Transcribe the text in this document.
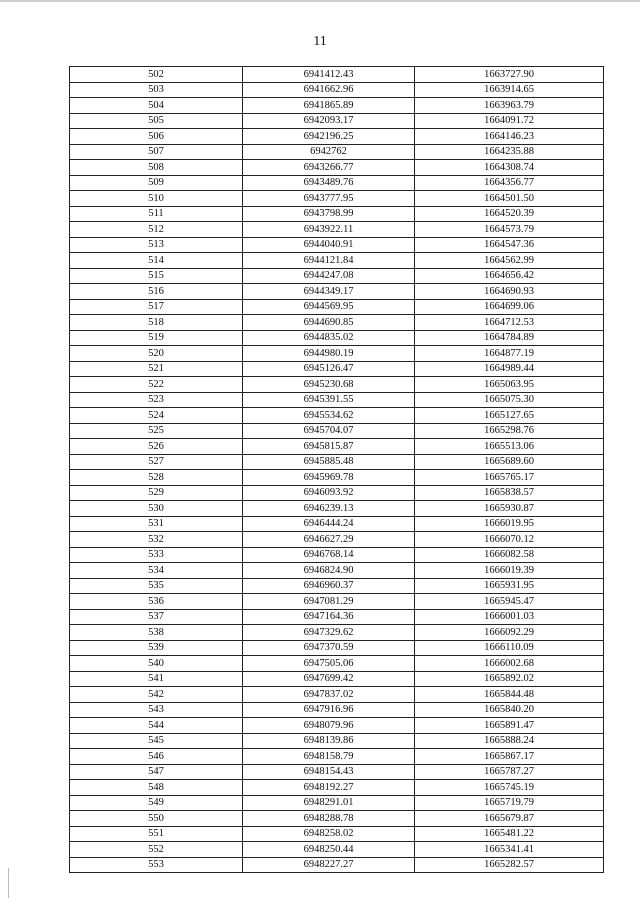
11
502	6941412.43	1663727.90
503	6941662.96	1663914.65
504	6941865.89	1663963.79
505	6942093.17	1664091.72
506	6942196.25	1664146.23
507	6942762	1664235.88
508	6943266.77	1664308.74
509	6943489.76	1664356.77
510	6943777.95	1664501.50
511	6943798.99	1664520.39
512	6943922.11	1664573.79
513	6944040.91	1664547.36
514	6944121.84	1664562.99
515	6944247.08	1664656.42
516	6944349.17	1664690.93
517	6944569.95	1664699.06
518	6944690.85	1664712.53
519	6944835.02	1664784.89
520	6944980.19	1664877.19
521	6945126.47	1664989.44
522	6945230.68	1665063.95
523	6945391.55	1665075.30
524	6945534.62	1665127.65
525	6945704.07	1665298.76
526	6945815.87	1665513.06
527	6945885.48	1665689.60
528	6945969.78	1665765.17
529	6946093.92	1665838.57
530	6946239.13	1665930.87
531	6946444.24	1666019.95
532	6946627.29	1666070.12
533	6946768.14	1666082.58
534	6946824.90	1666019.39
535	6946960.37	1665931.95
536	6947081.29	1665945.47
537	6947164.36	1666001.03
538	6947329.62	1666092.29
539	6947370.59	1666110.09
540	6947505.06	1666002.68
541	6947699.42	1665892.02
542	6947837.02	1665844.48
543	6947916.96	1665840.20
544	6948079.96	1665891.47
545	6948139.86	1665888.24
546	6948158.79	1665867.17
547	6948154.43	1665787.27
548	6948192.27	1665745.19
549	6948291.01	1665719.79
550	6948288.78	1665679.87
551	6948258.02	1665481.22
552	6948250.44	1665341.41
553	6948227.27	1665282.57
